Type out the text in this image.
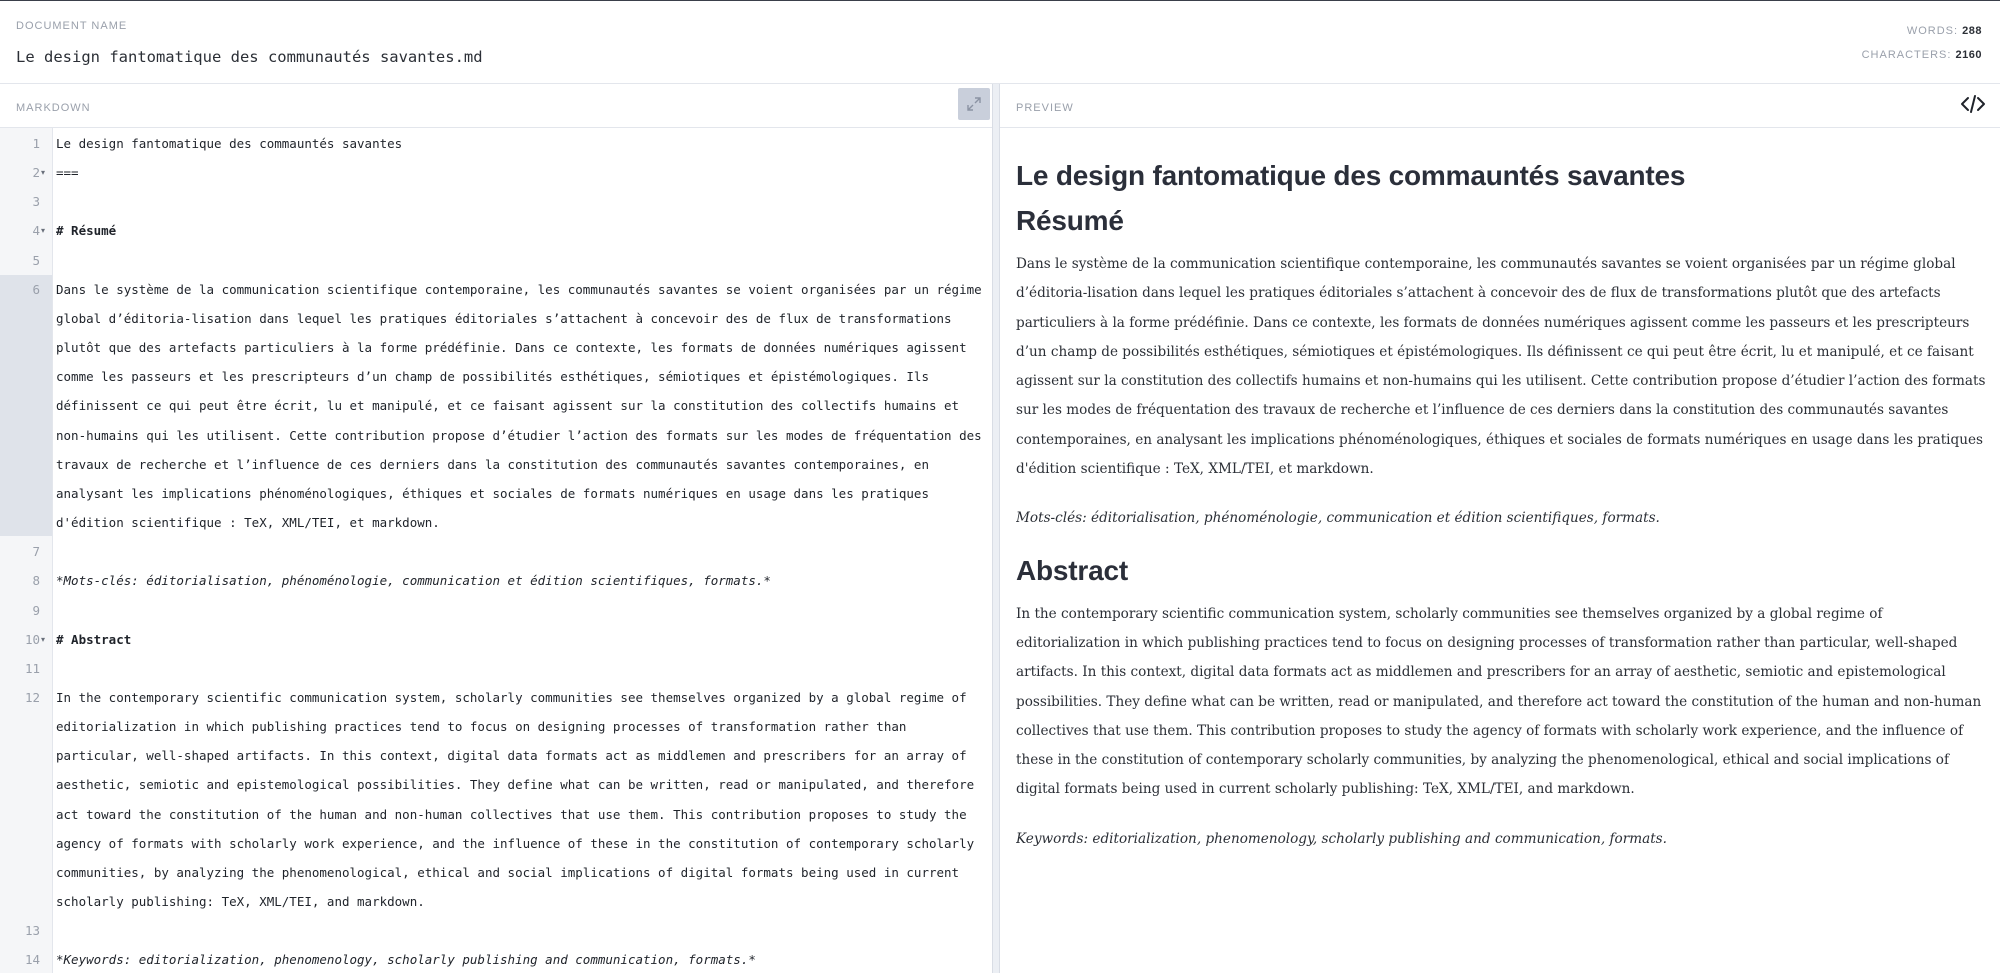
DOCUMENT NAME
Le design fantomatique des communautés savantes.md
WORDS: 288
CHARACTERS: 2160
MARKDOWN	PREVIEW
1 Le design fantomatique des commauntés savantes
2 ▾ ===
3
4 ▾ # Résumé
5
6 Dans le système de la communication scientifique contemporaine, les communautés savantes se voient organisées par un régime global d’éditoria-lisation dans lequel les pratiques éditoriales s’attachent à concevoir des de flux de transformations plutôt que des artefacts particuliers à la forme prédéfinie. Dans ce contexte, les formats de données numériques agissent comme les passeurs et les prescripteurs d’un champ de possibilités esthétiques, sémiotiques et épistémologiques. Ils définissent ce qui peut être écrit, lu et manipulé, et ce faisant agissent sur la constitution des collectifs humains et non-humains qui les utilisent. Cette contribution propose d’étudier l’action des formats sur les modes de fréquentation des travaux de recherche et l’influence de ces derniers dans la constitution des communautés savantes contemporaines, en analysant les implications phénoménologiques, éthiques et sociales de formats numériques en usage dans les pratiques d'édition scientifique : TeX, XML/TEI, et markdown.
7
8 *Mots-clés: éditorialisation, phénoménologie, communication et édition scientifiques, formats.*
9
10 ▾ # Abstract
11
12 In the contemporary scientific communication system, scholarly communities see themselves organized by a global regime of editorialization in which publishing practices tend to focus on designing processes of transformation rather than particular, well-shaped artifacts. In this context, digital data formats act as middlemen and prescribers for an array of aesthetic, semiotic and epistemological possibilities. They define what can be written, read or manipulated, and therefore act toward the constitution of the human and non-human collectives that use them. This contribution proposes to study the agency of formats with scholarly work experience, and the influence of these in the constitution of contemporary scholarly communities, by analyzing the phenomenological, ethical and social implications of digital formats being used in current scholarly publishing: TeX, XML/TEI, and markdown.
13
14 *Keywords: editorialization, phenomenology, scholarly publishing and communication, formats.*
Le design fantomatique des commauntés savantes
Résumé

Dans le système de la communication scientifique contemporaine, les communautés savantes se voient organisées par un régime global d’éditoria-lisation dans lequel les pratiques éditoriales s’attachent à concevoir des de flux de transformations plutôt que des artefacts particuliers à la forme prédéfinie. Dans ce contexte, les formats de données numériques agissent comme les passeurs et les prescripteurs d’un champ de possibilités esthétiques, sémiotiques et épistémologiques. Ils définissent ce qui peut être écrit, lu et manipulé, et ce faisant agissent sur la constitution des collectifs humains et non-humains qui les utilisent. Cette contribution propose d’étudier l’action des formats sur les modes de fréquentation des travaux de recherche et l’influence de ces derniers dans la constitution des communautés savantes contemporaines, en analysant les implications phénoménologiques, éthiques et sociales de formats numériques en usage dans les pratiques d'édition scientifique : TeX, XML/TEI, et markdown.

Mots-clés: éditorialisation, phénoménologie, communication et édition scientifiques, formats.

Abstract

In the contemporary scientific communication system, scholarly communities see themselves organized by a global regime of editorialization in which publishing practices tend to focus on designing processes of transformation rather than particular, well-shaped artifacts. In this context, digital data formats act as middlemen and prescribers for an array of aesthetic, semiotic and epistemological possibilities. They define what can be written, read or manipulated, and therefore act toward the constitution of the human and non-human collectives that use them. This contribution proposes to study the agency of formats with scholarly work experience, and the influence of these in the constitution of contemporary scholarly communities, by analyzing the phenomenological, ethical and social implications of digital formats being used in current scholarly publishing: TeX, XML/TEI, and markdown.

Keywords: editorialization, phenomenology, scholarly publishing and communication, formats.
